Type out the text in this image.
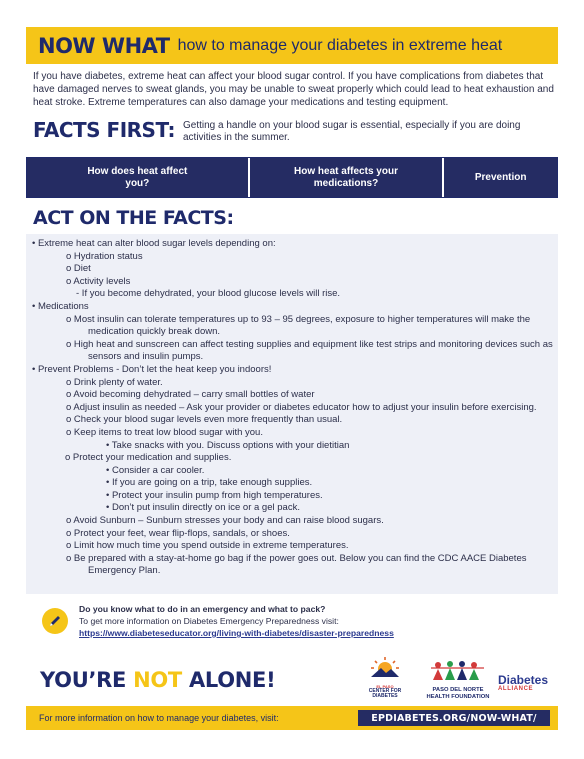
NOW WHAT how to manage your diabetes in extreme heat
If you have diabetes, extreme heat can affect your blood sugar control. If you have complications from diabetes that have damaged nerves to sweat glands, you may be unable to sweat properly which could lead to heat exhaustion and heat stroke. Extreme temperatures can also damage your medications and testing equipment.
FACTS FIRST: Getting a handle on your blood sugar is essential, especially if you are doing activities in the summer.
How does heat affect you?
How heat affects your medications?
Prevention
ACT ON THE FACTS:
• Extreme heat can alter blood sugar levels depending on:
o Hydration status
o Diet
o Activity levels
- If you become dehydrated, your blood glucose levels will rise.
• Medications
o Most insulin can tolerate temperatures up to 93 – 95 degrees, exposure to higher temperatures will make the medication quickly break down.
o High heat and sunscreen can affect testing supplies and equipment like test strips and monitoring devices such as sensors and insulin pumps.
• Prevent Problems - Don’t let the heat keep you indoors!
o Drink plenty of water.
o Avoid becoming dehydrated – carry small bottles of water
o Adjust insulin as needed – Ask your provider or diabetes educator how to adjust your insulin before exercising.
o Check your blood sugar levels even more frequently than usual.
o Keep items to treat low blood sugar with you.
• Take snacks with you. Discuss options with your dietitian
o Protect your medication and supplies.
• Consider a car cooler.
• If you are going on a trip, take enough supplies.
• Protect your insulin pump from high temperatures.
• Don’t put insulin directly on ice or a gel pack.
o Avoid Sunburn – Sunburn stresses your body and can raise blood sugars.
o Protect your feet, wear flip-flops, sandals, or shoes.
o Limit how much time you spend outside in extreme temperatures.
o Be prepared with a stay-at-home go bag if the power goes out. Below you can find the CDC AACE Diabetes Emergency Plan.
Do you know what to do in an emergency and what to pack?
To get more information on Diabetes Emergency Preparedness visit:
https://www.diabeteseducator.org/living-with-diabetes/disaster-preparedness
YOU’RE NOT ALONE!	EL PASO
CENTER FOR
DIABETES
PASO DEL NORTE
HEALTH FOUNDATION
Diabetes
ALLIANCE
For more information on how to manage your diabetes, visit:	EPDIABETES.ORG/NOW-WHAT/
